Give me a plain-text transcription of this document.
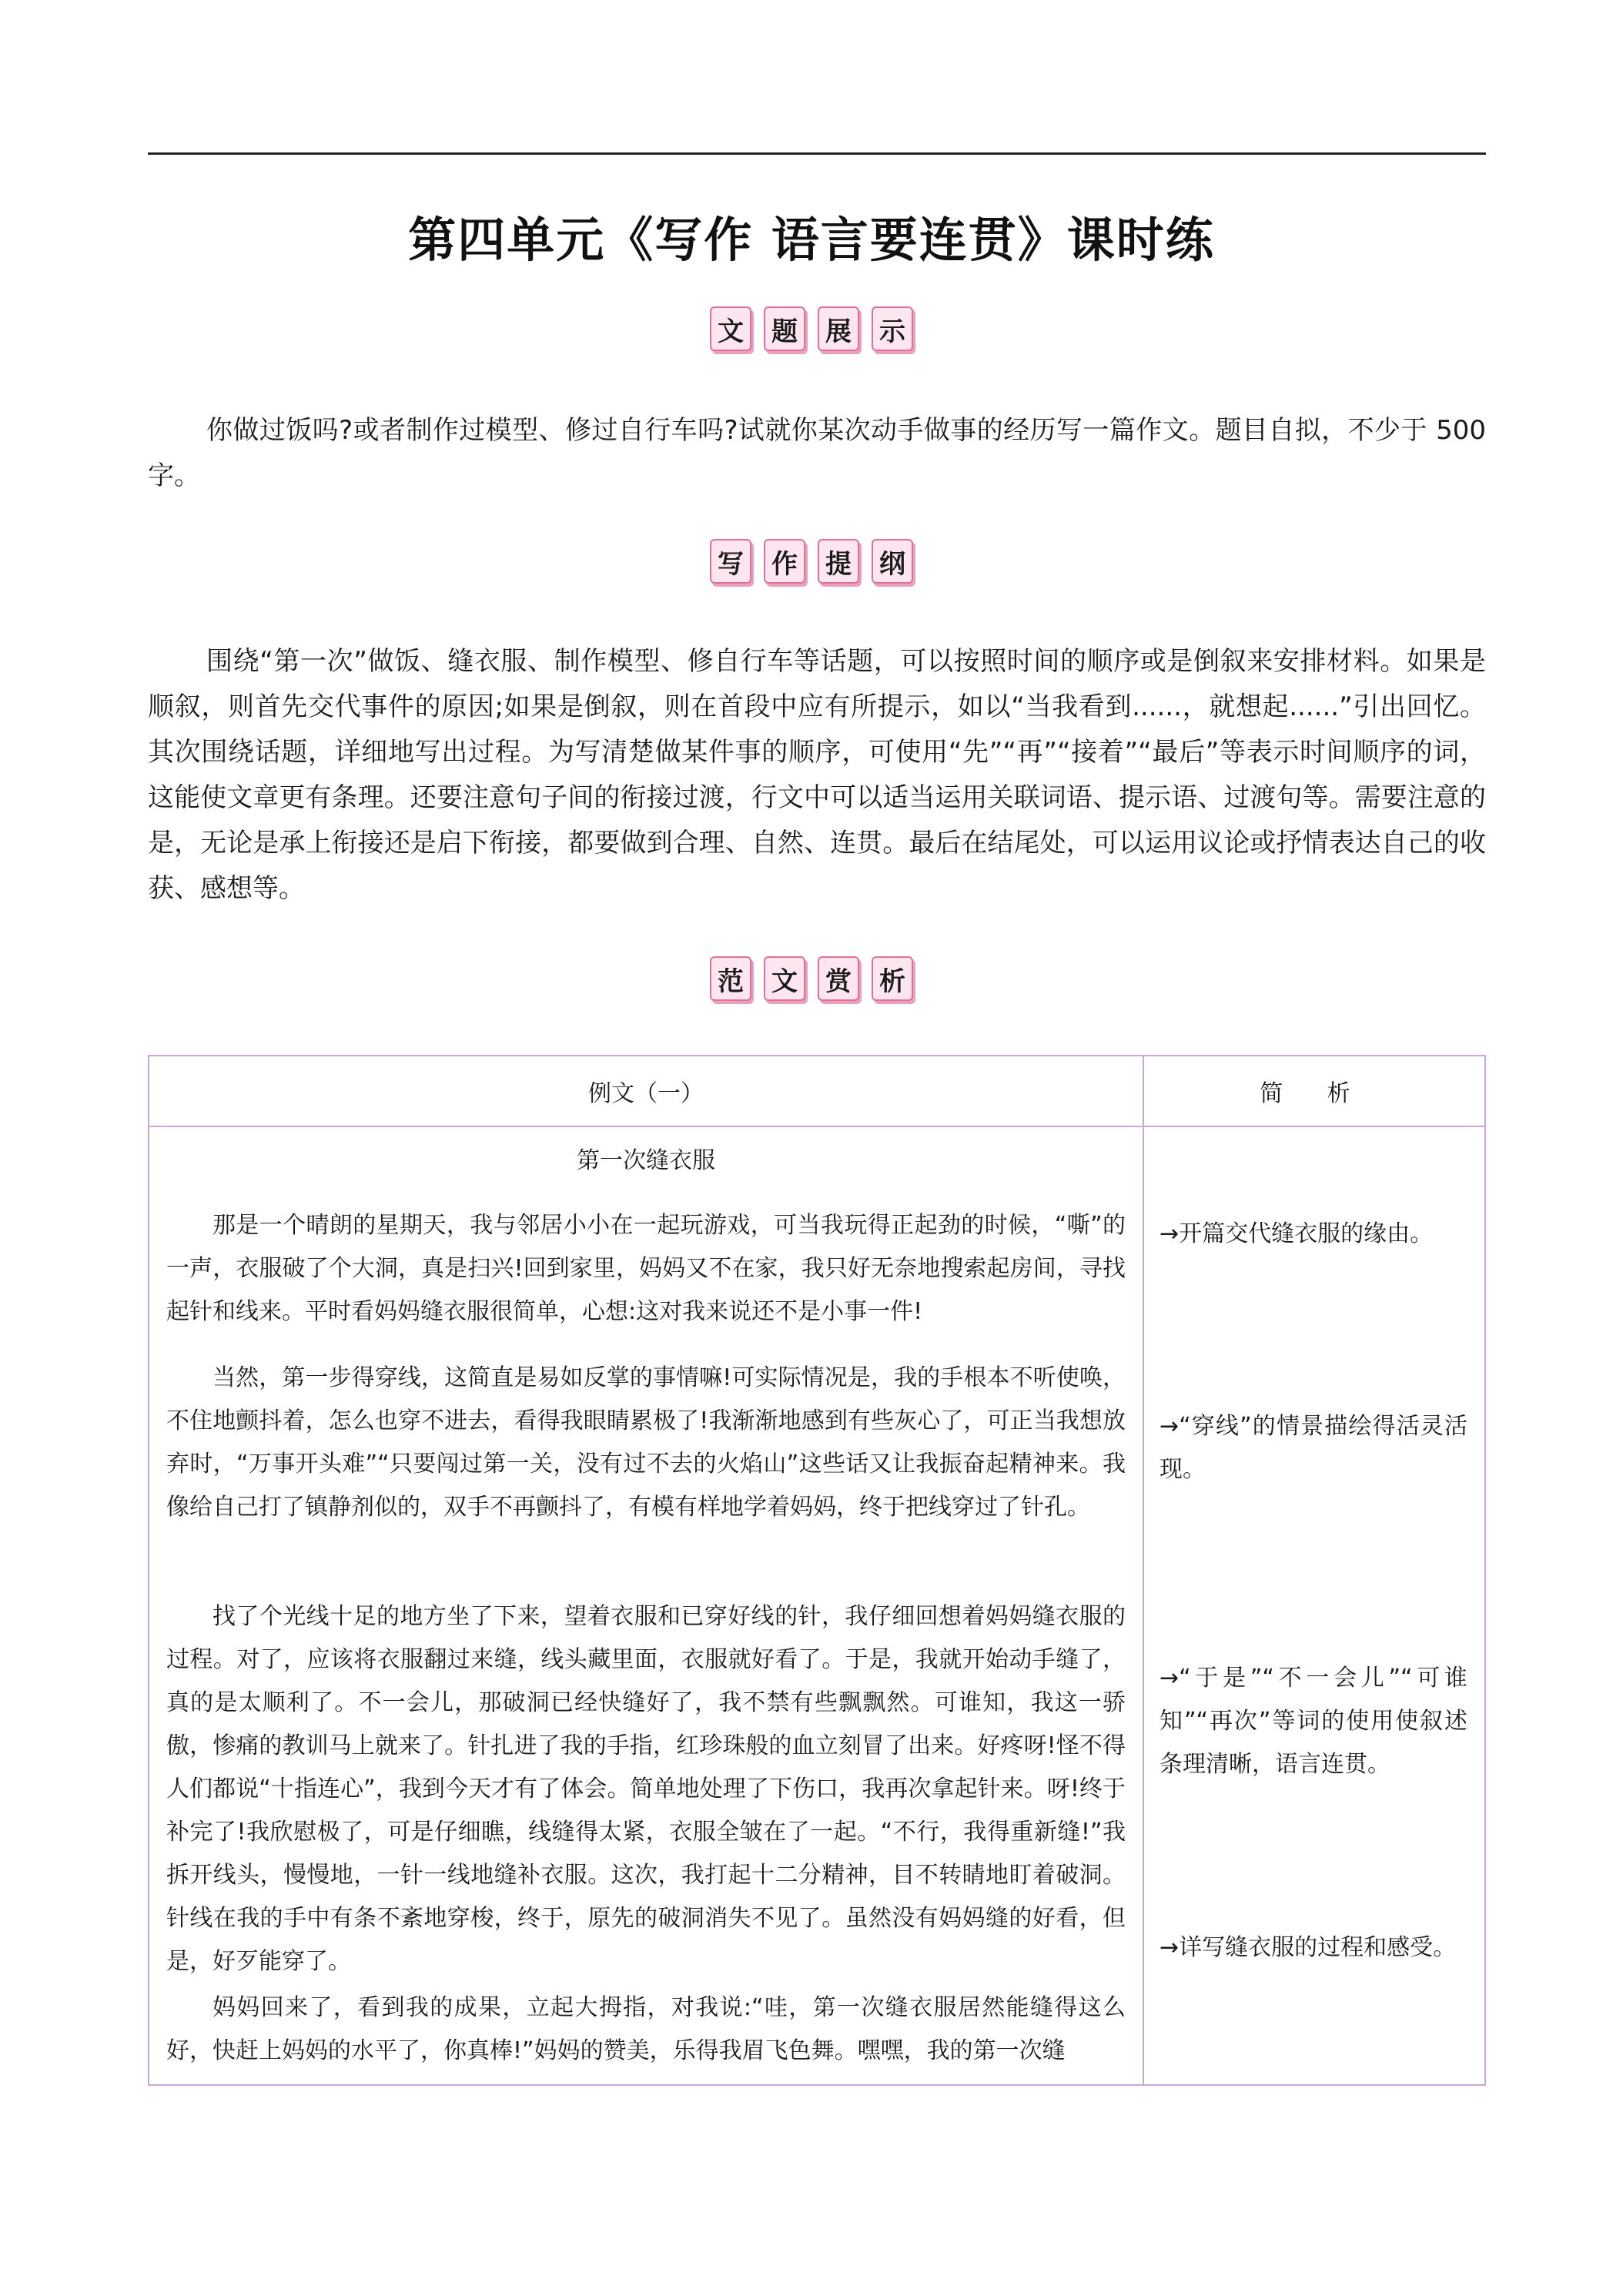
第四单元《写作 语言要连贯》课时练
文 题 展 示
你做过饭吗?或者制作过模型、修过自行车吗?试就你某次动手做事的经历写一篇作文。题目自拟，不少于 500 字。
写 作 提 纲
围绕“第一次”做饭、缝衣服、制作模型、修自行车等话题，可以按照时间的顺序或是倒叙来安排材料。如果是顺叙，则首先交代事件的原因;如果是倒叙，则在首段中应有所提示，如以“当我看到......，就想起......”引出回忆。其次围绕话题，详细地写出过程。为写清楚做某件事的顺序，可使用“先”“再”“接着”“最后”等表示时间顺序的词，这能使文章更有条理。还要注意句子间的衔接过渡，行文中可以适当运用关联词语、提示语、过渡句等。需要注意的是，无论是承上衔接还是启下衔接，都要做到合理、自然、连贯。最后在结尾处，可以运用议论或抒情表达自己的收获、感想等。
范 文 赏 析
例文（一）	简 析
第一次缝衣服
那是一个晴朗的星期天，我与邻居小小在一起玩游戏，可当我玩得正起劲的时候，“嘶”的一声，衣服破了个大洞，真是扫兴!回到家里，妈妈又不在家，我只好无奈地搜索起房间，寻找起针和线来。平时看妈妈缝衣服很简单，心想:这对我来说还不是小事一件!
当然，第一步得穿线，这简直是易如反掌的事情嘛!可实际情况是，我的手根本不听使唤，不住地颤抖着，怎么也穿不进去，看得我眼睛累极了!我渐渐地感到有些灰心了，可正当我想放弃时，“万事开头难”“只要闯过第一关，没有过不去的火焰山”这些话又让我振奋起精神来。我像给自己打了镇静剂似的，双手不再颤抖了，有模有样地学着妈妈，终于把线穿过了针孔。
找了个光线十足的地方坐了下来，望着衣服和已穿好线的针，我仔细回想着妈妈缝衣服的过程。对了，应该将衣服翻过来缝，线头藏里面，衣服就好看了。于是，我就开始动手缝了，真的是太顺利了。不一会儿，那破洞已经快缝好了，我不禁有些飘飘然。可谁知，我这一骄傲，惨痛的教训马上就来了。针扎进了我的手指，红珍珠般的血立刻冒了出来。好疼呀!怪不得人们都说“十指连心”，我到今天才有了体会。简单地处理了下伤口，我再次拿起针来。呀!终于补完了!我欣慰极了，可是仔细瞧，线缝得太紧，衣服全皱在了一起。“不行，我得重新缝!”我拆开线头，慢慢地，一针一线地缝补衣服。这次，我打起十二分精神，目不转睛地盯着破洞。针线在我的手中有条不紊地穿梭，终于，原先的破洞消失不见了。虽然没有妈妈缝的好看，但是，好歹能穿了。
妈妈回来了，看到我的成果，立起大拇指，对我说:“哇，第一次缝衣服居然能缝得这么好，快赶上妈妈的水平了，你真棒!”妈妈的赞美，乐得我眉飞色舞。嘿嘿，我的第一次缝
→开篇交代缝衣服的缘由。
→“穿线”的情景描绘得活灵活现。
→“于是”“不一会儿”“可谁知”“再次”等词的使用使叙述条理清晰，语言连贯。
→详写缝衣服的过程和感受。
